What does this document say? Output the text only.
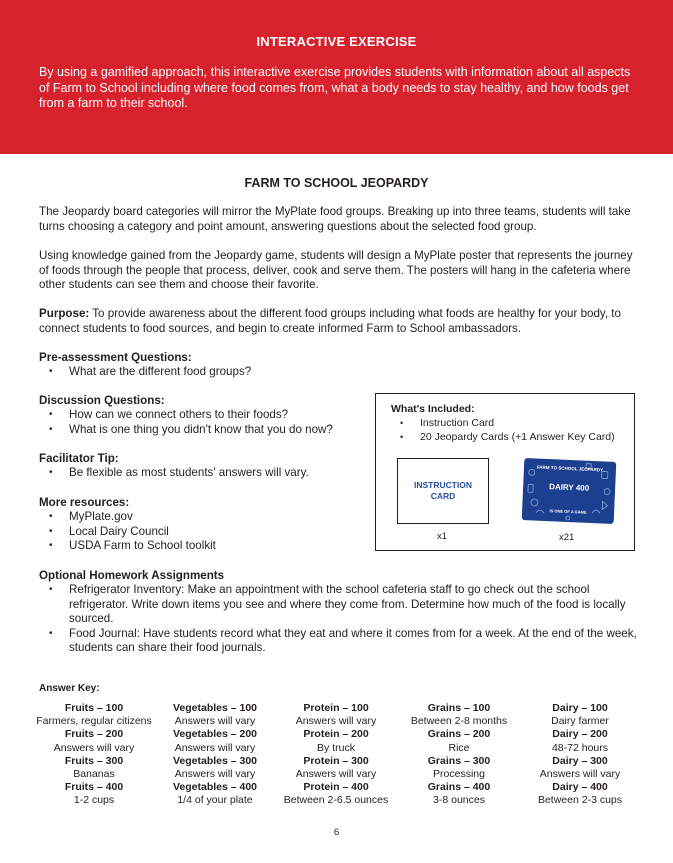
INTERACTIVE EXERCISE
By using a gamified approach, this interactive exercise provides students with information about all aspects of Farm to School including where food comes from, what a body needs to stay healthy, and how foods get from a farm to their school.
FARM TO SCHOOL JEOPARDY
The Jeopardy board categories will mirror the MyPlate food groups. Breaking up into three teams, students will take turns choosing a category and point amount, answering questions about the selected food group.
Using knowledge gained from the Jeopardy game, students will design a MyPlate poster that represents the journey of foods through the people that process, deliver, cook and serve them. The posters will hang in the cafeteria where other students can see them and choose their favorite.
Purpose: To provide awareness about the different food groups including what foods are healthy for your body, to connect students to food sources, and begin to create informed Farm to School ambassadors.
Pre-assessment Questions:
• What are the different food groups?
Discussion Questions:
• How can we connect others to their foods?
• What is one thing you didn't know that you do now?
Facilitator Tip:
• Be flexible as most students' answers will vary.
More resources:
• MyPlate.gov
• Local Dairy Council
• USDA Farm to School toolkit
What's Included:
• Instruction Card
• 20 Jeopardy Cards (+1 Answer Key Card)
INSTRUCTION CARD
x1
FARM TO SCHOOL JEOPARDY
DAIRY 400
IS ONE OF A GAME
x21
Optional Homework Assignments
• Refrigerator Inventory: Make an appointment with the school cafeteria staff to go check out the school refrigerator. Write down items you see and where they come from. Determine how much of the food is locally sourced.
• Food Journal: Have students record what they eat and where it comes from for a week. At the end of the week, students can share their food journals.
Answer Key:
Fruits – 100
Farmers, regular citizens
Fruits – 200
Answers will vary
Fruits – 300
Bananas
Fruits – 400
1-2 cups
Vegetables – 100
Answers will vary
Vegetables – 200
Answers will vary
Vegetables – 300
Answers will vary
Vegetables – 400
1/4 of your plate
Protein – 100
Answers will vary
Protein – 200
By truck
Protein – 300
Answers will vary
Protein – 400
Between 2-6.5 ounces
Grains – 100
Between 2-8 months
Grains – 200
Rice
Grains – 300
Processing
Grains – 400
3-8 ounces
Dairy – 100
Dairy farmer
Dairy – 200
48-72 hours
Dairy – 300
Answers will vary
Dairy – 400
Between 2-3 cups
6
